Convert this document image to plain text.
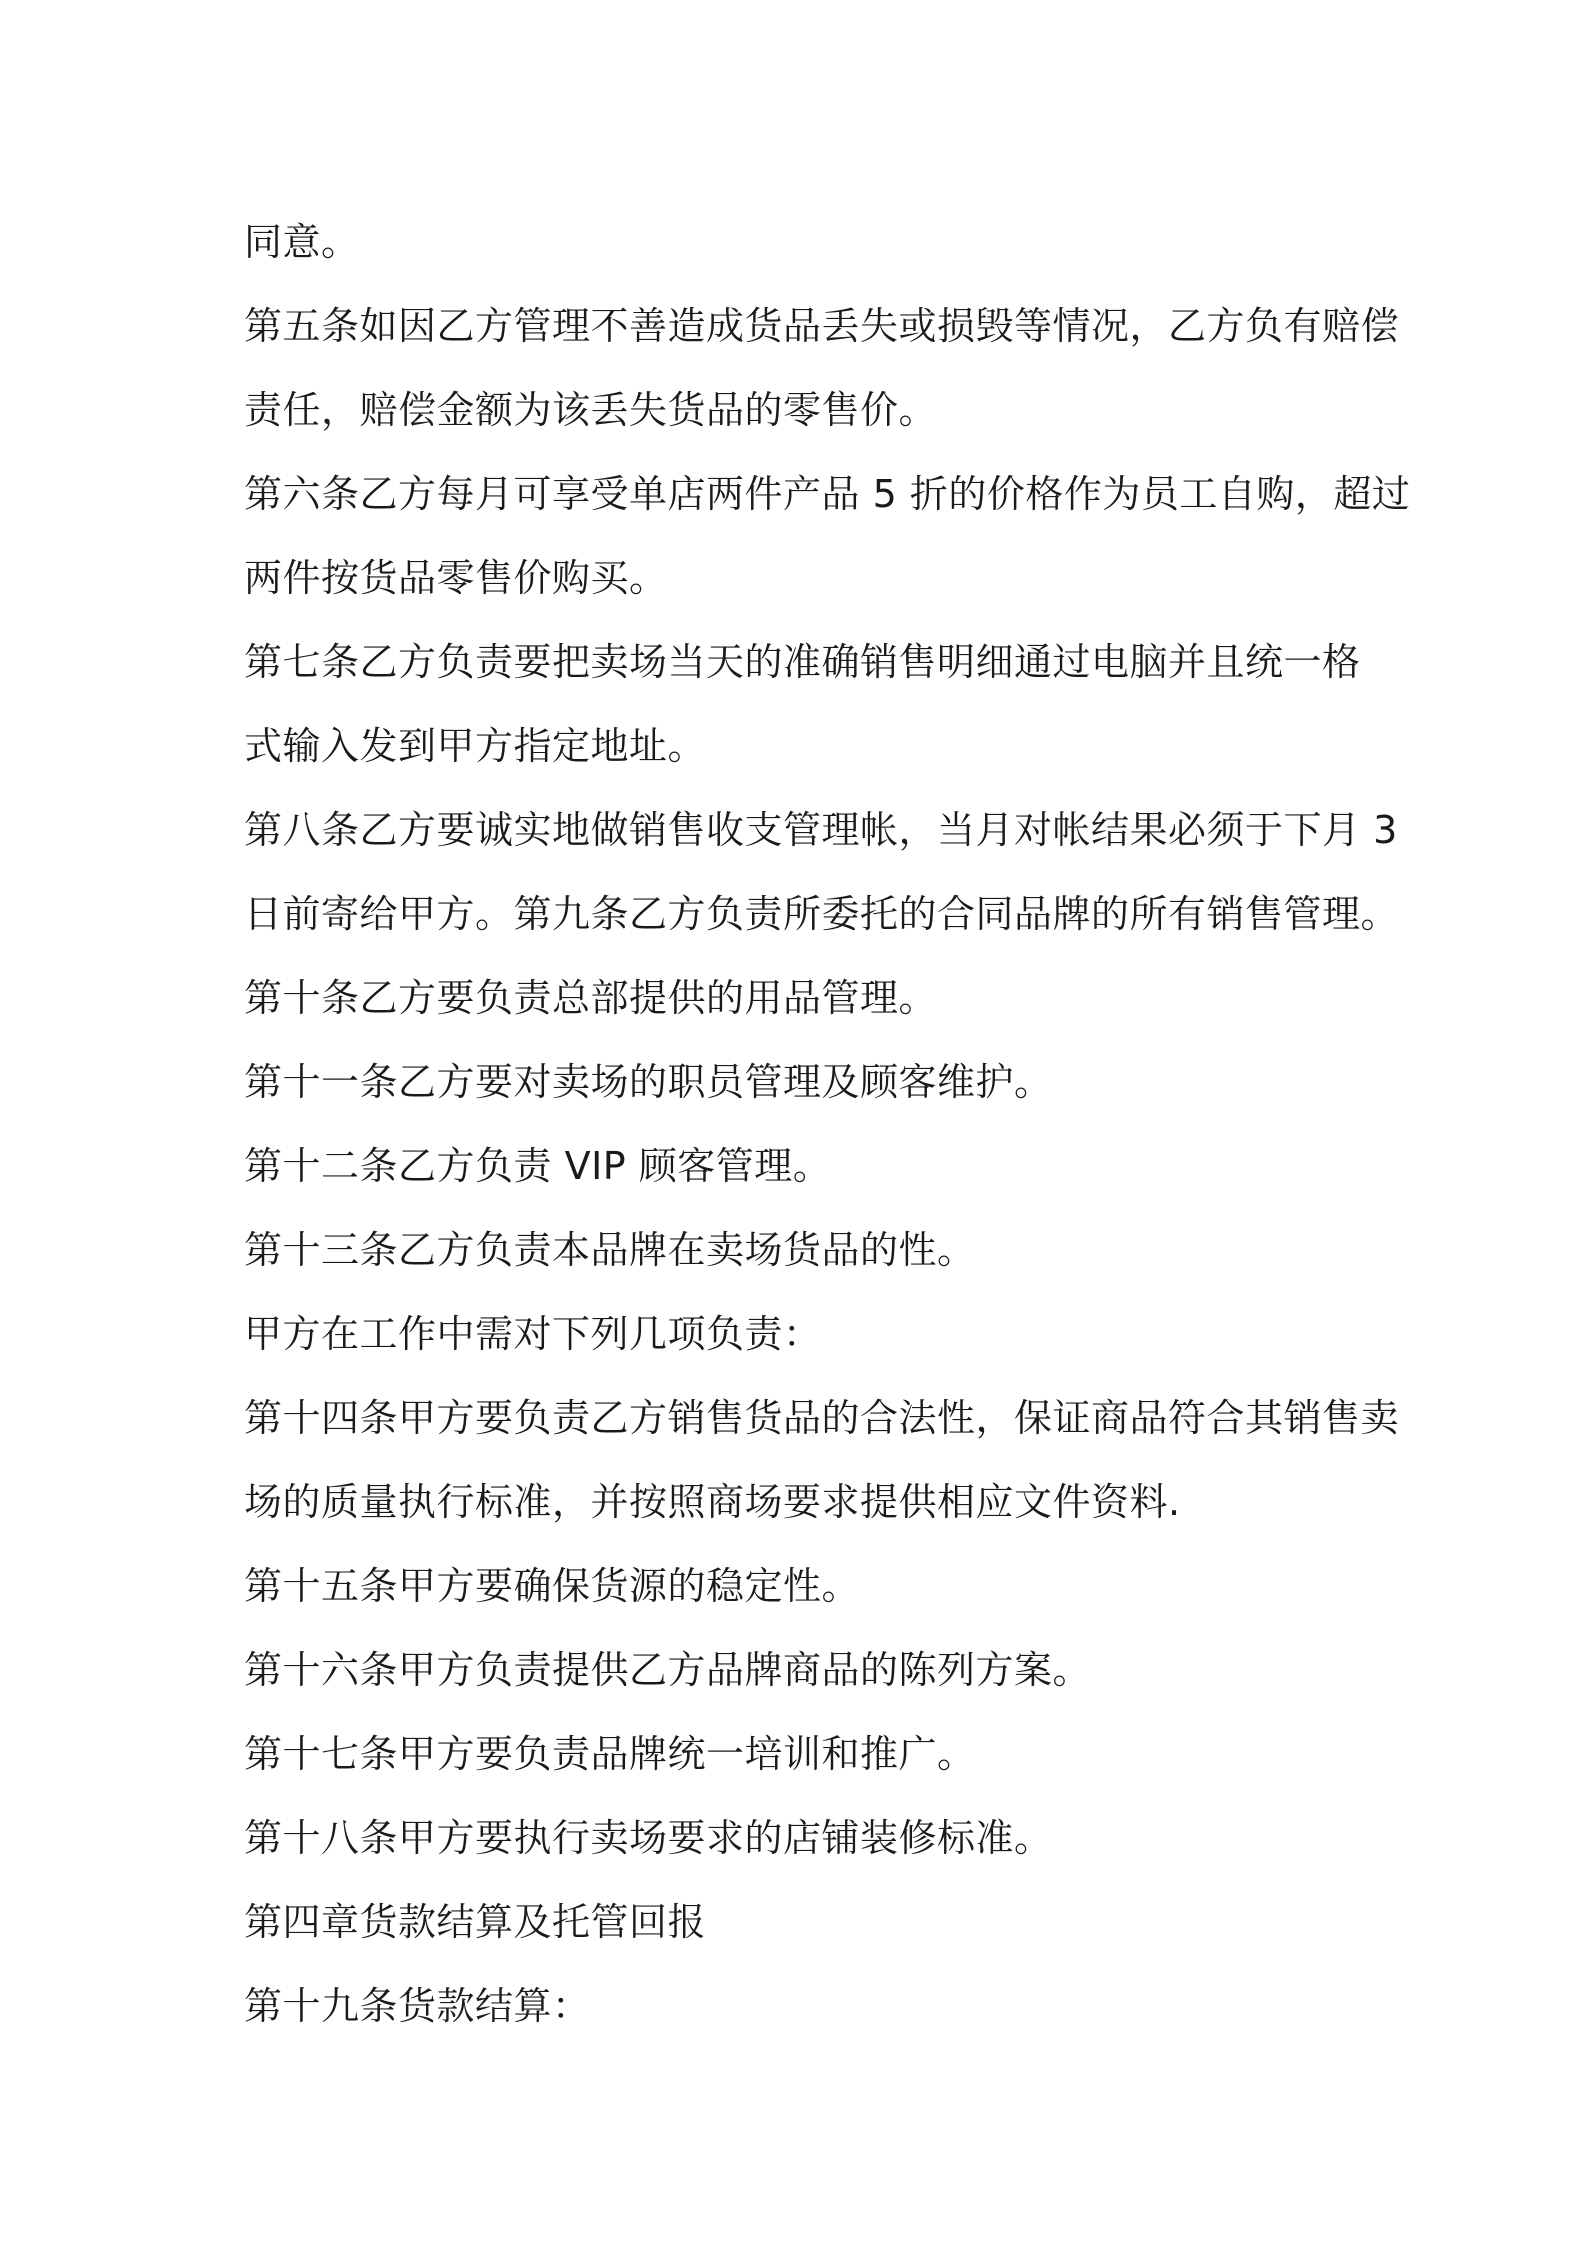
同意。
第五条如因乙方管理不善造成货品丢失或损毁等情况，乙方负有赔偿
责任，赔偿金额为该丢失货品的零售价。
第六条乙方每月可享受单店两件产品 5 折的价格作为员工自购，超过
两件按货品零售价购买。
第七条乙方负责要把卖场当天的准确销售明细通过电脑并且统一格
式输入发到甲方指定地址。
第八条乙方要诚实地做销售收支管理帐，当月对帐结果必须于下月 3
日前寄给甲方。第九条乙方负责所委托的合同品牌的所有销售管理。
第十条乙方要负责总部提供的用品管理。
第十一条乙方要对卖场的职员管理及顾客维护。
第十二条乙方负责 VIP 顾客管理。
第十三条乙方负责本品牌在卖场货品的性。
甲方在工作中需对下列几项负责：
第十四条甲方要负责乙方销售货品的合法性，保证商品符合其销售卖
场的质量执行标准，并按照商场要求提供相应文件资料.
第十五条甲方要确保货源的稳定性。
第十六条甲方负责提供乙方品牌商品的陈列方案。
第十七条甲方要负责品牌统一培训和推广。
第十八条甲方要执行卖场要求的店铺装修标准。
第四章货款结算及托管回报
第十九条货款结算：
